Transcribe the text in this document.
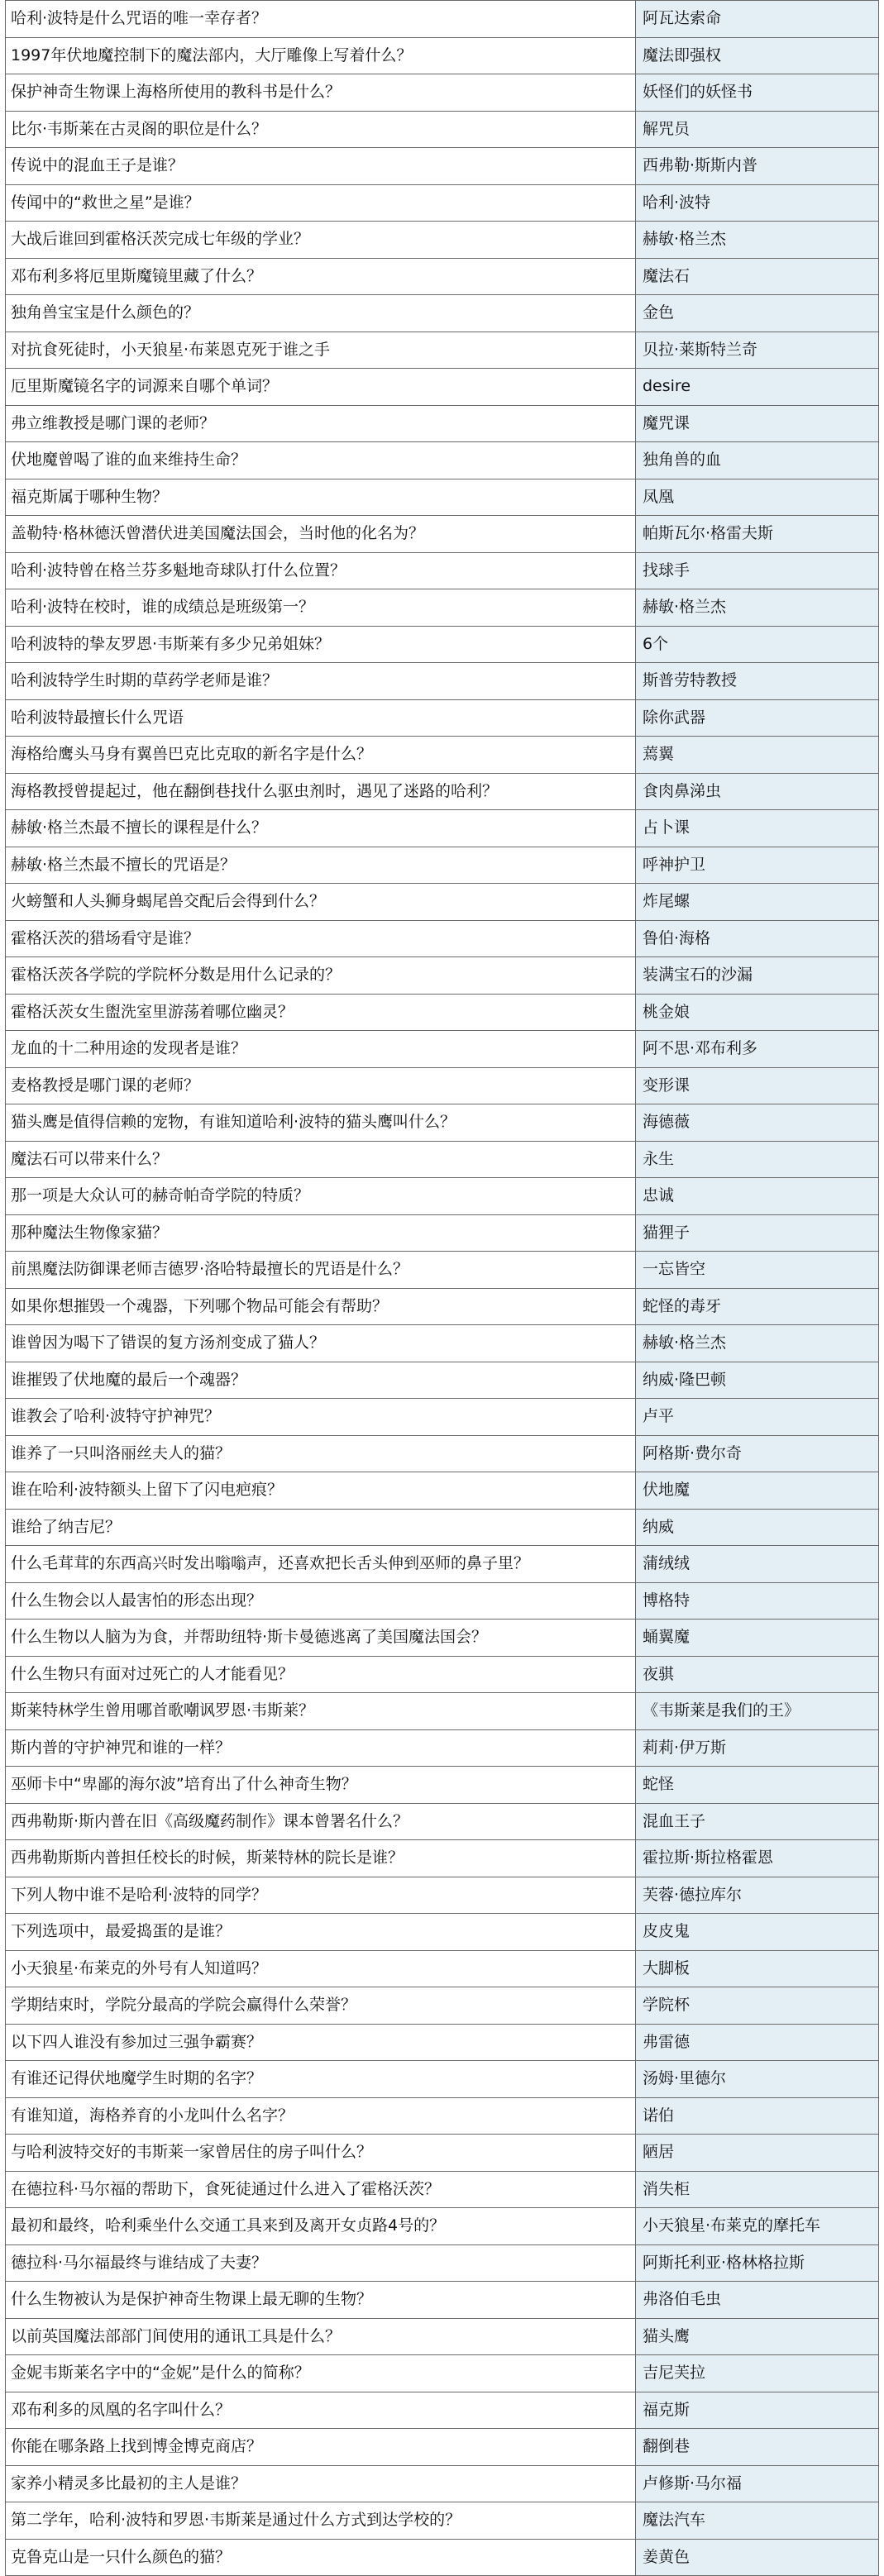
哈利·波特是什么咒语的唯一幸存者？	阿瓦达索命
1997年伏地魔控制下的魔法部内，大厅雕像上写着什么？	魔法即强权
保护神奇生物课上海格所使用的教科书是什么？	妖怪们的妖怪书
比尔·韦斯莱在古灵阁的职位是什么？	解咒员
传说中的混血王子是谁？	西弗勒·斯斯内普
传闻中的“救世之星”是谁？	哈利·波特
大战后谁回到霍格沃茨完成七年级的学业？	赫敏·格兰杰
邓布利多将厄里斯魔镜里藏了什么？	魔法石
独角兽宝宝是什么颜色的？	金色
对抗食死徒时，小天狼星·布莱恩克死于谁之手	贝拉·莱斯特兰奇
厄里斯魔镜名字的词源来自哪个单词？	desire
弗立维教授是哪门课的老师？	魔咒课
伏地魔曾喝了谁的血来维持生命？	独角兽的血
福克斯属于哪种生物？	凤凰
盖勒特·格林德沃曾潜伏进美国魔法国会，当时他的化名为？	帕斯瓦尔·格雷夫斯
哈利·波特曾在格兰芬多魁地奇球队打什么位置？	找球手
哈利·波特在校时，谁的成绩总是班级第一？	赫敏·格兰杰
哈利波特的挚友罗恩·韦斯莱有多少兄弟姐妹？	6个
哈利波特学生时期的草药学老师是谁？	斯普劳特教授
哈利波特最擅长什么咒语	除你武器
海格给鹰头马身有翼兽巴克比克取的新名字是什么？	蔫翼
海格教授曾提起过，他在翻倒巷找什么驱虫剂时，遇见了迷路的哈利？	食肉鼻涕虫
赫敏·格兰杰最不擅长的课程是什么？	占卜课
赫敏·格兰杰最不擅长的咒语是？	呼神护卫
火螃蟹和人头狮身蝎尾兽交配后会得到什么？	炸尾螺
霍格沃茨的猎场看守是谁？	鲁伯·海格
霍格沃茨各学院的学院杯分数是用什么记录的？	装满宝石的沙漏
霍格沃茨女生盥洗室里游荡着哪位幽灵？	桃金娘
龙血的十二种用途的发现者是谁？	阿不思·邓布利多
麦格教授是哪门课的老师？	变形课
猫头鹰是值得信赖的宠物，有谁知道哈利·波特的猫头鹰叫什么？	海德薇
魔法石可以带来什么？	永生
那一项是大众认可的赫奇帕奇学院的特质？	忠诚
那种魔法生物像家猫？	猫狸子
前黑魔法防御课老师吉德罗·洛哈特最擅长的咒语是什么？	一忘皆空
如果你想摧毁一个魂器，下列哪个物品可能会有帮助？	蛇怪的毒牙
谁曾因为喝下了错误的复方汤剂变成了猫人？	赫敏·格兰杰
谁摧毁了伏地魔的最后一个魂器？	纳威·隆巴顿
谁教会了哈利·波特守护神咒？	卢平
谁养了一只叫洛丽丝夫人的猫？	阿格斯·费尔奇
谁在哈利·波特额头上留下了闪电疤痕？	伏地魔
谁给了纳吉尼？	纳威
什么毛茸茸的东西高兴时发出嗡嗡声，还喜欢把长舌头伸到巫师的鼻子里？	蒲绒绒
什么生物会以人最害怕的形态出现？	博格特
什么生物以人脑为为食，并帮助纽特·斯卡曼德逃离了美国魔法国会？	蛹翼魔
什么生物只有面对过死亡的人才能看见？	夜骐
斯莱特林学生曾用哪首歌嘲讽罗恩·韦斯莱？	《韦斯莱是我们的王》
斯内普的守护神咒和谁的一样？	莉莉·伊万斯
巫师卡中“卑鄙的海尔波”培育出了什么神奇生物？	蛇怪
西弗勒斯·斯内普在旧《高级魔药制作》课本曾署名什么？	混血王子
西弗勒斯斯内普担任校长的时候，斯莱特林的院长是谁？	霍拉斯·斯拉格霍恩
下列人物中谁不是哈利·波特的同学？	芙蓉·德拉库尔
下列选项中，最爱捣蛋的是谁？	皮皮鬼
小天狼星·布莱克的外号有人知道吗？	大脚板
学期结束时，学院分最高的学院会赢得什么荣誉？	学院杯
以下四人谁没有参加过三强争霸赛？	弗雷德
有谁还记得伏地魔学生时期的名字？	汤姆·里德尔
有谁知道，海格养育的小龙叫什么名字？	诺伯
与哈利波特交好的韦斯莱一家曾居住的房子叫什么？	陋居
在德拉科·马尔福的帮助下，食死徒通过什么进入了霍格沃茨？	消失柜
最初和最终，哈利乘坐什么交通工具来到及离开女贞路4号的？	小天狼星·布莱克的摩托车
德拉科·马尔福最终与谁结成了夫妻？	阿斯托利亚·格林格拉斯
什么生物被认为是保护神奇生物课上最无聊的生物？	弗洛伯毛虫
以前英国魔法部部门间使用的通讯工具是什么？	猫头鹰
金妮韦斯莱名字中的“金妮”是什么的简称？	吉尼芙拉
邓布利多的凤凰的名字叫什么？	福克斯
你能在哪条路上找到博金博克商店？	翻倒巷
家养小精灵多比最初的主人是谁？	卢修斯·马尔福
第二学年，哈利·波特和罗恩·韦斯莱是通过什么方式到达学校的？	魔法汽车
克鲁克山是一只什么颜色的猫？	姜黄色
